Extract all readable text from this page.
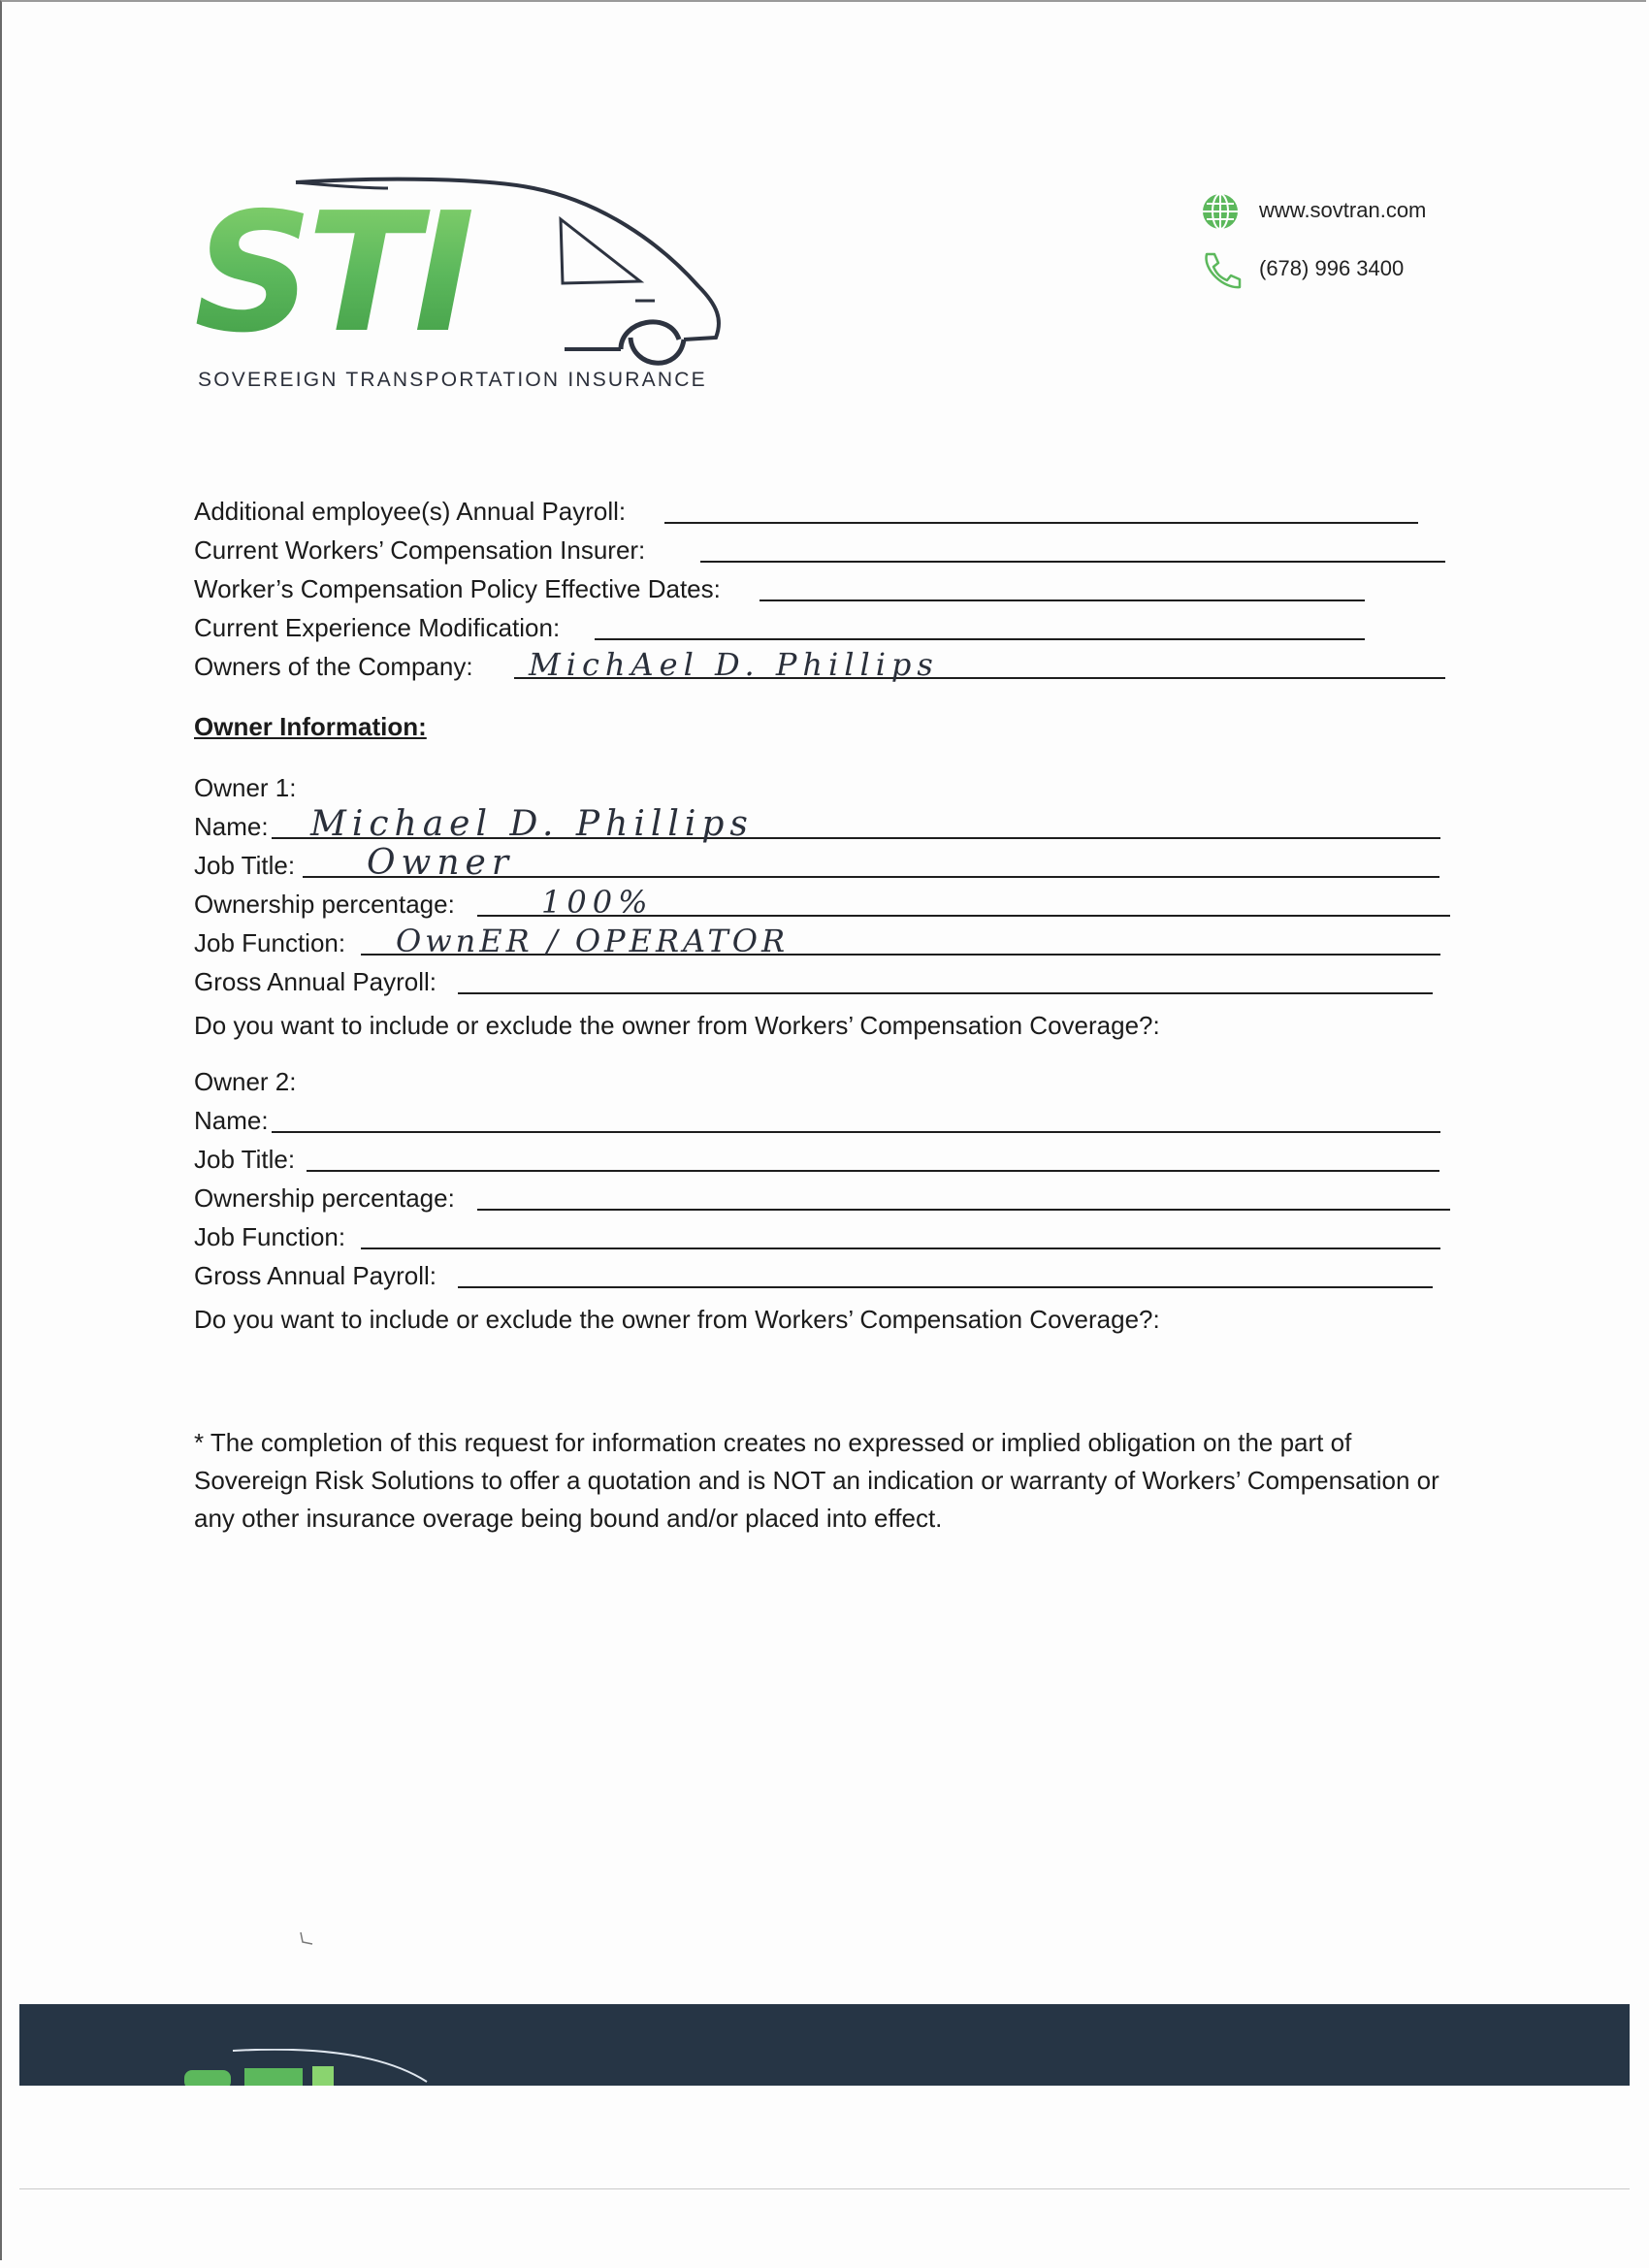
STI
SOVEREIGN TRANSPORTATION INSURANCE
www.sovtran.com
(678) 996 3400
Additional employee(s) Annual Payroll:
Current Workers’ Compensation Insurer:
Worker’s Compensation Policy Effective Dates:
Current Experience Modification:
Owners of the Company: MichAel D. Phillips
Owner Information:
Owner 1:
Name: Michael D. Phillips
Job Title: Owner
Ownership percentage:	100%
Job Function: OwnER / OPERATOR
Gross Annual Payroll:
Do you want to include or exclude the owner from Workers’ Compensation Coverage?:
Owner 2:
Name:
Job Title:
Ownership percentage:
Job Function:
Gross Annual Payroll:
Do you want to include or exclude the owner from Workers’ Compensation Coverage?:
* The completion of this request for information creates no expressed or implied obligation on the part of Sovereign Risk Solutions to offer a quotation and is NOT an indication or warranty of Workers’ Compensation or any other insurance overage being bound and/or placed into effect.
